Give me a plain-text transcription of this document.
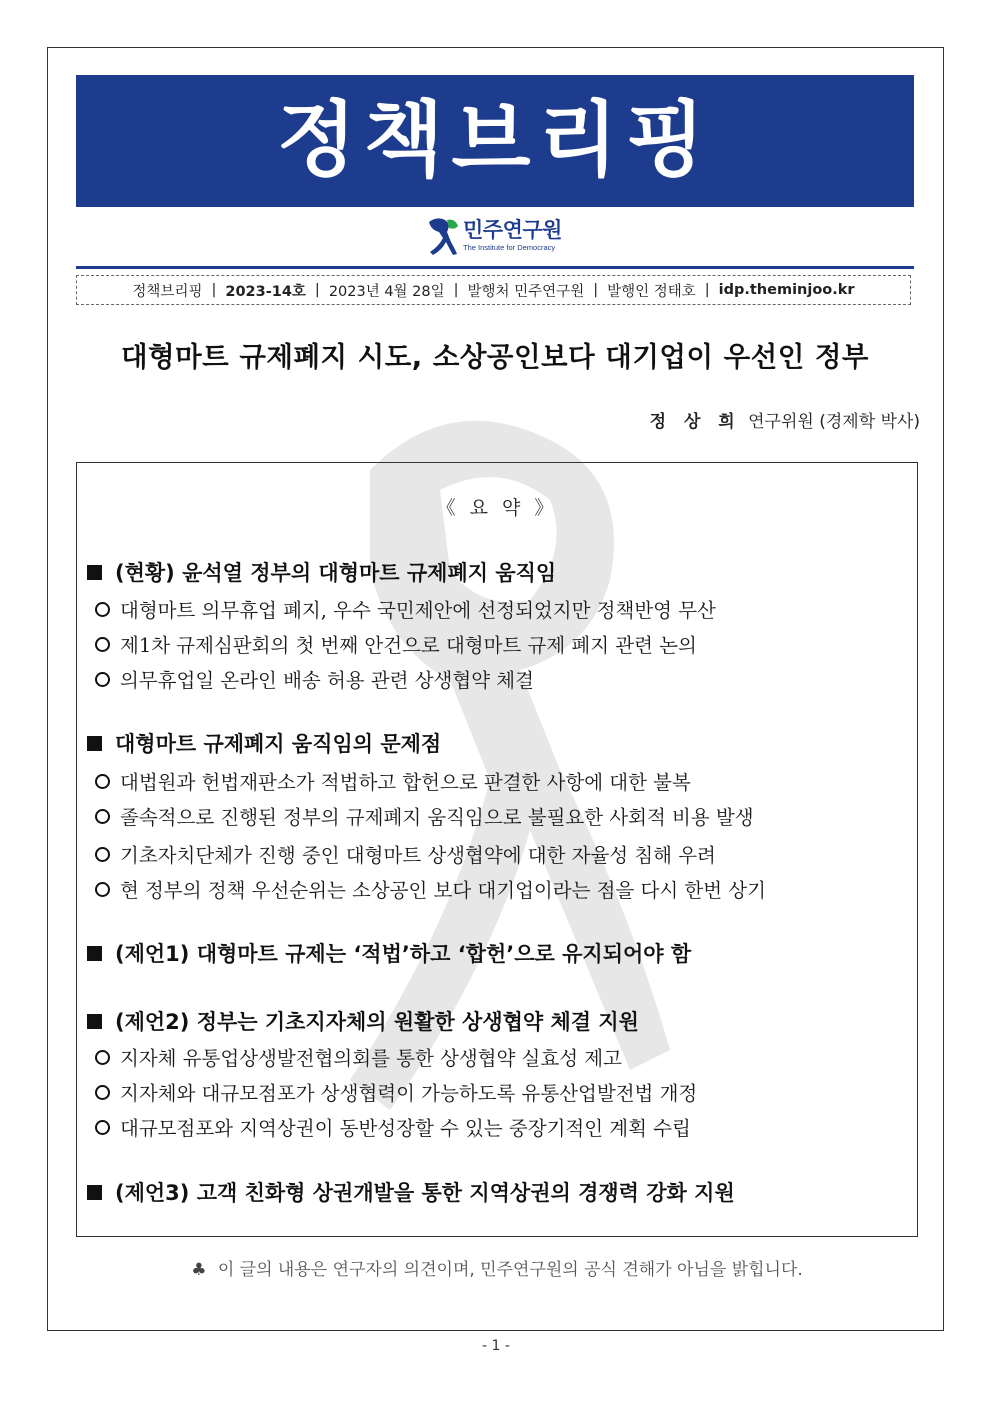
정책브리핑
민주연구원
The Institute for Democracy
정책브리핑 | 2023-14호 | 2023년 4월 28일 | 발행처 민주연구원 | 발행인 정태호 | idp.theminjoo.kr
대형마트 규제폐지 시도, 소상공인보다 대기업이 우선인 정부
정 상 희 연구위원 (경제학 박사)
《 요 약 》
(현황) 윤석열 정부의 대형마트 규제폐지 움직임
대형마트 의무휴업 폐지, 우수 국민제안에 선정되었지만 정책반영 무산
제1차 규제심판회의 첫 번째 안건으로 대형마트 규제 폐지 관련 논의
의무휴업일 온라인 배송 허용 관련 상생협약 체결
대형마트 규제폐지 움직임의 문제점
대법원과 헌법재판소가 적법하고 합헌으로 판결한 사항에 대한 불복
졸속적으로 진행된 정부의 규제폐지 움직임으로 불필요한 사회적 비용 발생
기초자치단체가 진행 중인 대형마트 상생협약에 대한 자율성 침해 우려
현 정부의 정책 우선순위는 소상공인 보다 대기업이라는 점을 다시 한번 상기
(제언1) 대형마트 규제는 ‘적법’하고 ‘합헌’으로 유지되어야 함
(제언2) 정부는 기초지자체의 원활한 상생협약 체결 지원
지자체 유통업상생발전협의회를 통한 상생협약 실효성 제고
지자체와 대규모점포가 상생협력이 가능하도록 유통산업발전법 개정
대규모점포와 지역상권이 동반성장할 수 있는 중장기적인 계획 수립
(제언3) 고객 친화형 상권개발을 통한 지역상권의 경쟁력 강화 지원
♣ 이 글의 내용은 연구자의 의견이며, 민주연구원의 공식 견해가 아님을 밝힙니다.
- 1 -
